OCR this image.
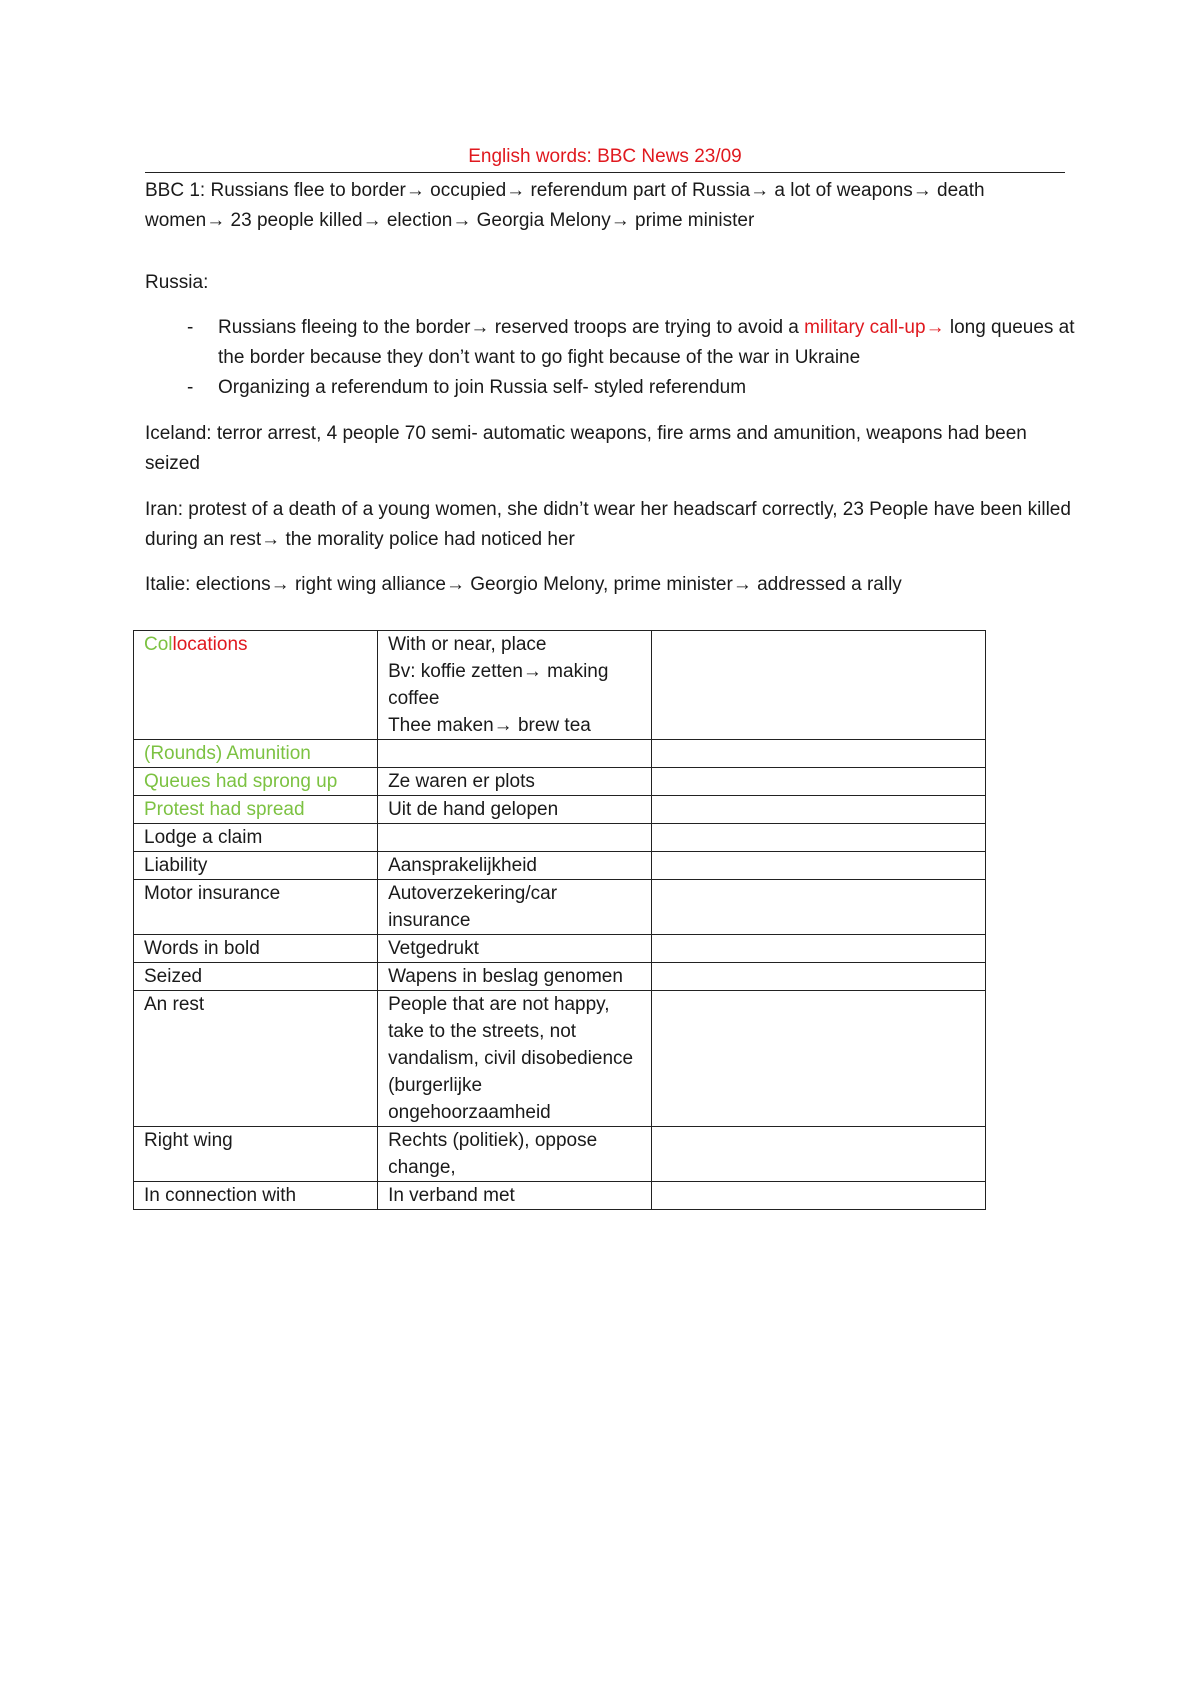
English words: BBC News 23/09

BBC 1: Russians flee to border→ occupied→ referendum part of Russia→ a lot of weapons→ death
women→ 23 people killed→ election→ Georgia Melony→ prime minister

Russia:

- Russians fleeing to the border→ reserved troops are trying to avoid a military call-up→ long queues at the border because they don’t want to go fight because of the war in Ukraine
- Organizing a referendum to join Russia self- styled referendum

Iceland: terror arrest, 4 people 70 semi- automatic weapons, fire arms and amunition, weapons had been seized

Iran: protest of a death of a young women, she didn’t wear her headscarf correctly, 23 People have been killed during an rest→ the morality police had noticed her

Italie: elections→ right wing alliance→ Georgio Melony, prime minister→ addressed a rally

Collocations	With or near, place
Bv: koffie zetten→ making coffee
Thee maken→ brew tea	

(Rounds) Amunition		
Queues had sprong up	Ze waren er plots	
Protest had spread	Uit de hand gelopen	
Lodge a claim		
Liability	Aansprakelijkheid	
Motor insurance	Autoverzekering/car insurance	
Words in bold	Vetgedrukt	
Seized	Wapens in beslag genomen	
An rest	People that are not happy, take to the streets, not vandalism, civil disobedience (burgerlijke ongehoorzaamheid	
Right wing	Rechts (politiek), oppose change,	
In connection with	In verband met	
